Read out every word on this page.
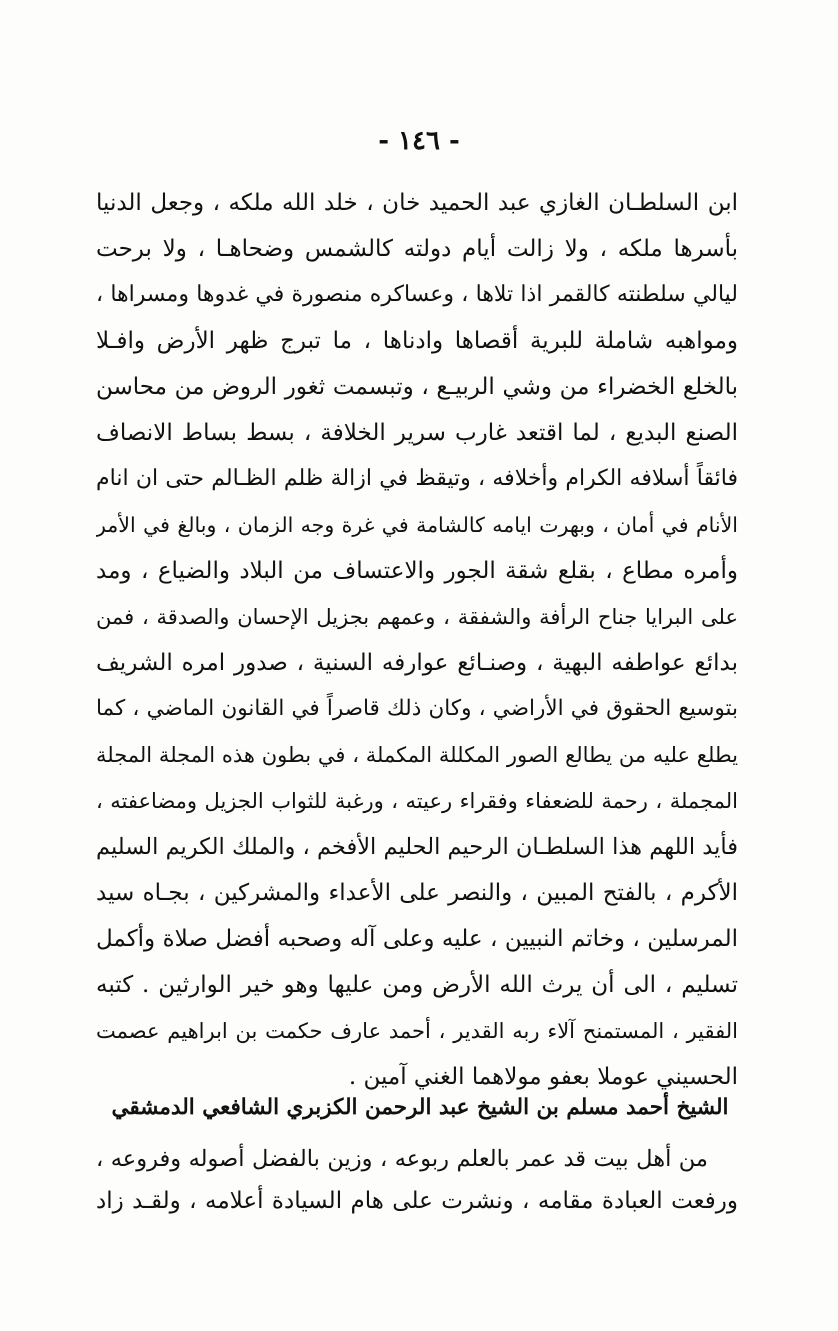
- ١٤٦ -
ابن السلطـان الغازي عبد الحميد خان ، خلد الله ملكه ، وجعل الدنيا
بأسرها ملكه ، ولا زالت أيام دولته كالشمس وضحاهـا ، ولا برحت
ليالي سلطنته كالقمر اذا تلاها ، وعساكره منصورة في غدوها ومسراها ،
ومواهبه شاملة للبرية أقصاها وادناها ، ما تبرج ظهر الأرض وافـلا
بالخلع الخضراء من وشي الربيـع ، وتبسمت ثغور الروض من محاسن
الصنع البديع ، لما اقتعد غارب سرير الخلافة ، بسط بساط الانصاف
فائقاً أسلافه الكرام وأخلافه ، وتيقظ في ازالة ظلم الظـالم حتى ان انام
الأنام في أمان ، وبهرت ايامه كالشامة في غرة وجه الزمان ، وبالغ في الأمر
وأمره مطاع ، بقلع شقة الجور والاعتساف من البلاد والضياع ، ومد
على البرايا جناح الرأفة والشفقة ، وعمهم بجزيل الإحسان والصدقة ، فمن
بدائع عواطفه البهية ، وصنـائع عوارفه السنية ، صدور امره الشريف
بتوسيع الحقوق في الأراضي ، وكان ذلك قاصراً في القانون الماضي ، كما
يطلع عليه من يطالع الصور المكللة المكملة ، في بطون هذه المجلة المجلة
المجملة ، رحمة للضعفاء وفقراء رعيته ، ورغبة للثواب الجزيل ومضاعفته ،
فأيد اللهم هذا السلطـان الرحيم الحليم الأفخم ، والملك الكريم السليم
الأكرم ، بالفتح المبين ، والنصر على الأعداء والمشركين ، بجـاه سيد
المرسلين ، وخاتم النبيين ، عليه وعلى آله وصحبه أفضل صلاة وأكمل
تسليم ، الى أن يرث الله الأرض ومن عليها وهو خير الوارثين . كتبه
الفقير ، المستمنح آلاء ربه القدير ، أحمد عارف حكمت بن ابراهيم عصمت
الحسيني عوملا بعفو مولاهما الغني آمين .
الشيخ أحمد مسلم بن الشيخ عبد الرحمن الكزبري الشافعي الدمشقي
من أهل بيت قد عمر بالعلم ربوعه ، وزين بالفضل أصوله وفروعه ،
ورفعت العبادة مقامه ، ونشرت على هام السيادة أعلامه ، ولقـد زاد
